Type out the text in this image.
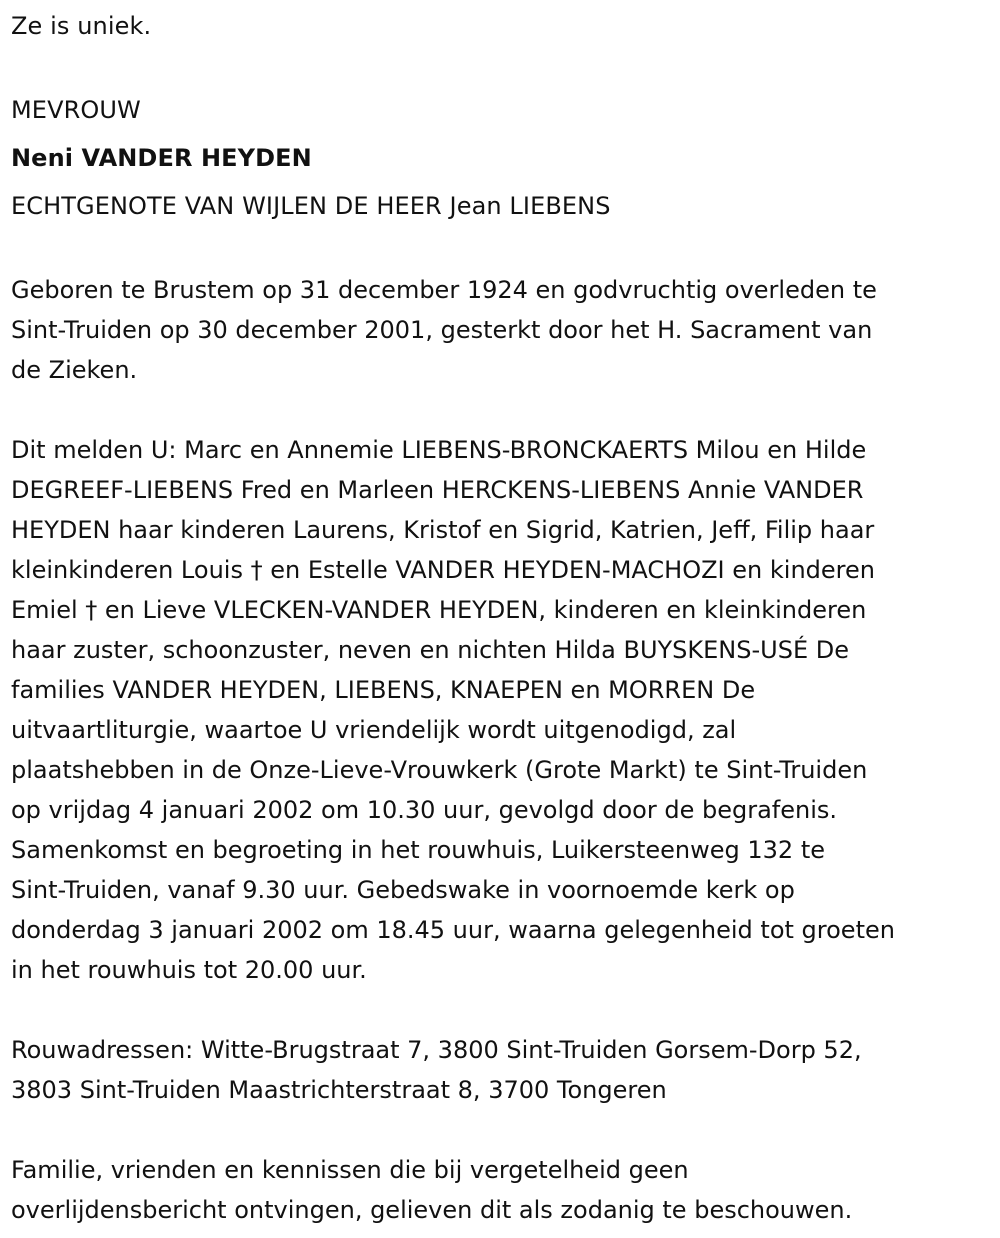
Ze is uniek.

MEVROUW

Neni VANDER HEYDEN

ECHTGENOTE VAN WIJLEN DE HEER Jean LIEBENS

Geboren te Brustem op 31 december 1924 en godvruchtig overleden te
Sint-Truiden op 30 december 2001, gesterkt door het H. Sacrament van
de Zieken.
Dit melden U: Marc en Annemie LIEBENS-BRONCKAERTS Milou en Hilde
DEGREEF-LIEBENS Fred en Marleen HERCKENS-LIEBENS Annie VANDER
HEYDEN haar kinderen Laurens, Kristof en Sigrid, Katrien, Jeff, Filip haar
kleinkinderen Louis † en Estelle VANDER HEYDEN-MACHOZI en kinderen
Emiel † en Lieve VLECKEN-VANDER HEYDEN, kinderen en kleinkinderen
haar zuster, schoonzuster, neven en nichten Hilda BUYSKENS-USÉ De
families VANDER HEYDEN, LIEBENS, KNAEPEN en MORREN De
uitvaartliturgie, waartoe U vriendelijk wordt uitgenodigd, zal
plaatshebben in de Onze-Lieve-Vrouwkerk (Grote Markt) te Sint-Truiden
op vrijdag 4 januari 2002 om 10.30 uur, gevolgd door de begrafenis.
Samenkomst en begroeting in het rouwhuis, Luikersteenweg 132 te
Sint-Truiden, vanaf 9.30 uur. Gebedswake in voornoemde kerk op
donderdag 3 januari 2002 om 18.45 uur, waarna gelegenheid tot groeten
in het rouwhuis tot 20.00 uur.
Rouwadressen: Witte-Brugstraat 7, 3800 Sint-Truiden Gorsem-Dorp 52,
3803 Sint-Truiden Maastrichterstraat 8, 3700 Tongeren
Familie, vrienden en kennissen die bij vergetelheid geen
overlijdensbericht ontvingen, gelieven dit als zodanig te beschouwen.
